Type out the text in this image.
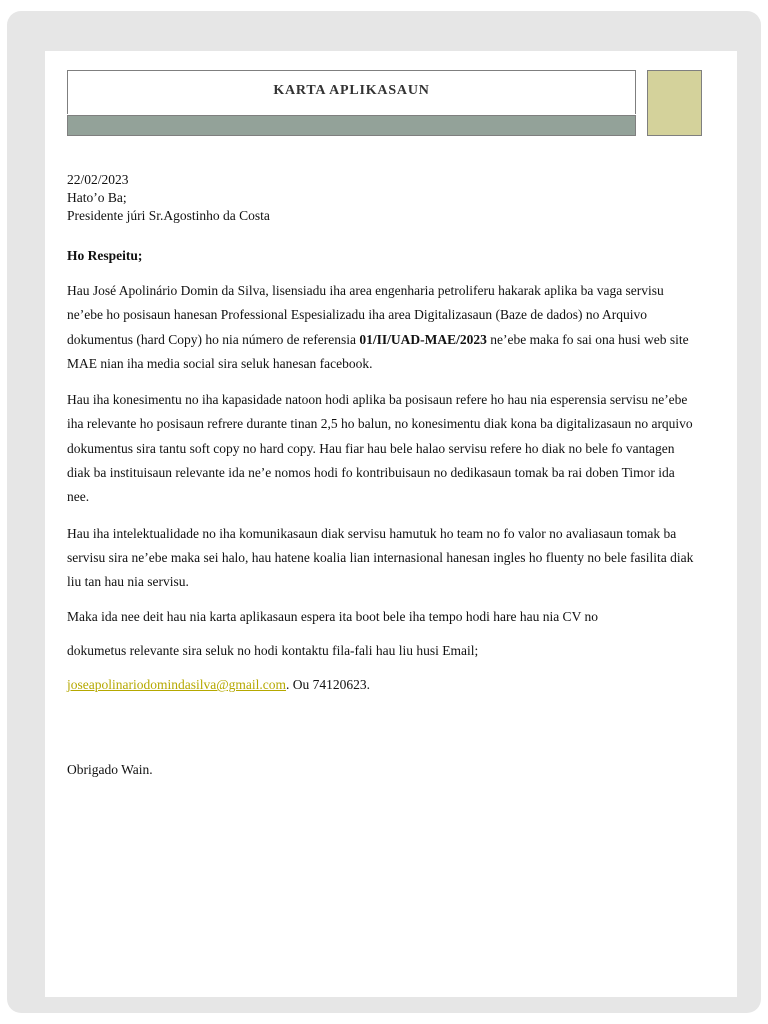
KARTA APLIKASAUN
22/02/2023
Hato’o Ba;
Presidente júri Sr.Agostinho da Costa
Ho Respeitu;

Hau José Apolinário Domin da Silva, lisensiadu iha area engenharia petroliferu hakarak aplika ba vaga servisu ne’ebe ho posisaun hanesan Professional Espesializadu iha area Digitalizasaun (Baze de dados) no Arquivo dokumentus (hard Copy) ho nia número de referensia 01/II/UAD-MAE/2023 ne’ebe maka fo sai ona husi web site MAE nian iha media social sira seluk hanesan facebook.

Hau iha konesimentu no iha kapasidade natoon hodi aplika ba posisaun refere ho hau nia esperensia servisu ne’ebe iha relevante ho posisaun refrere durante tinan 2,5 ho balun, no konesimentu diak kona ba digitalizasaun no arquivo dokumentus sira tantu soft copy no hard copy. Hau fiar hau bele halao servisu refere ho diak no bele fo vantagen diak ba instituisaun relevante ida ne’e nomos hodi fo kontribuisaun no dedikasaun tomak ba rai doben Timor ida nee.

Hau iha intelektualidade no iha komunikasaun diak servisu hamutuk ho team no fo valor no avaliasaun tomak ba servisu sira ne’ebe maka sei halo, hau hatene koalia lian internasional hanesan ingles ho fluenty no bele fasilita diak liu tan hau nia servisu.

Maka ida nee deit hau nia karta aplikasaun espera ita boot bele iha tempo hodi hare hau nia CV no

dokumetus relevante sira seluk no hodi kontaktu fila-fali hau liu husi Email;

joseapolinariodomindasilva@gmail.com. Ou 74120623.

Obrigado Wain.
